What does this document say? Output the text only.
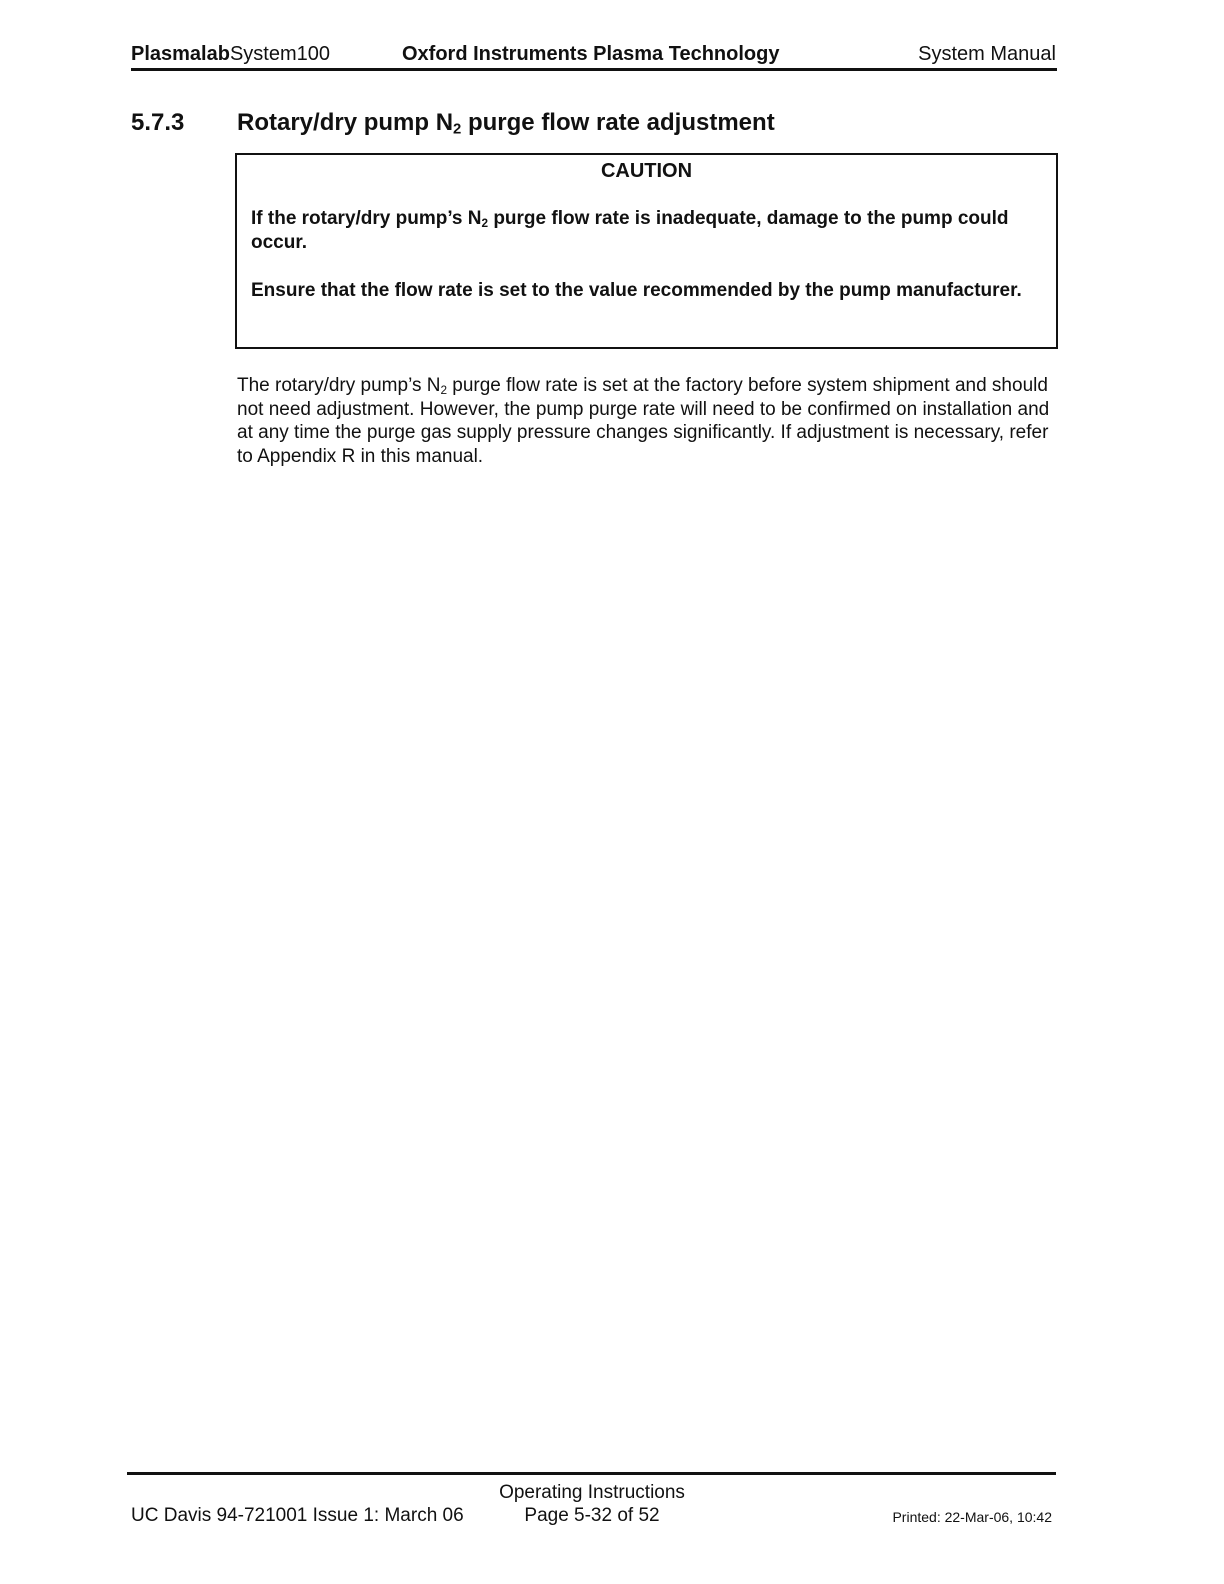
PlasmalabSystem100	Oxford Instruments Plasma Technology	System Manual
5.7.3 Rotary/dry pump $N_2$ purge flow rate adjustment
CAUTION
If the rotary/dry pump’s $N_2$ purge flow rate is inadequate, damage to the pump could occur.
Ensure that the flow rate is set to the value recommended by the pump manufacturer.
The rotary/dry pump’s $N_2$ purge flow rate is set at the factory before system shipment and should not need adjustment. However, the pump purge rate will need to be confirmed on installation and at any time the purge gas supply pressure changes significantly. If adjustment is necessary, refer to Appendix R in this manual.
UC Davis 94-721001 Issue 1: March 06
Operating Instructions
Page 5-32 of 52	Printed: 22-Mar-06, 10:42
